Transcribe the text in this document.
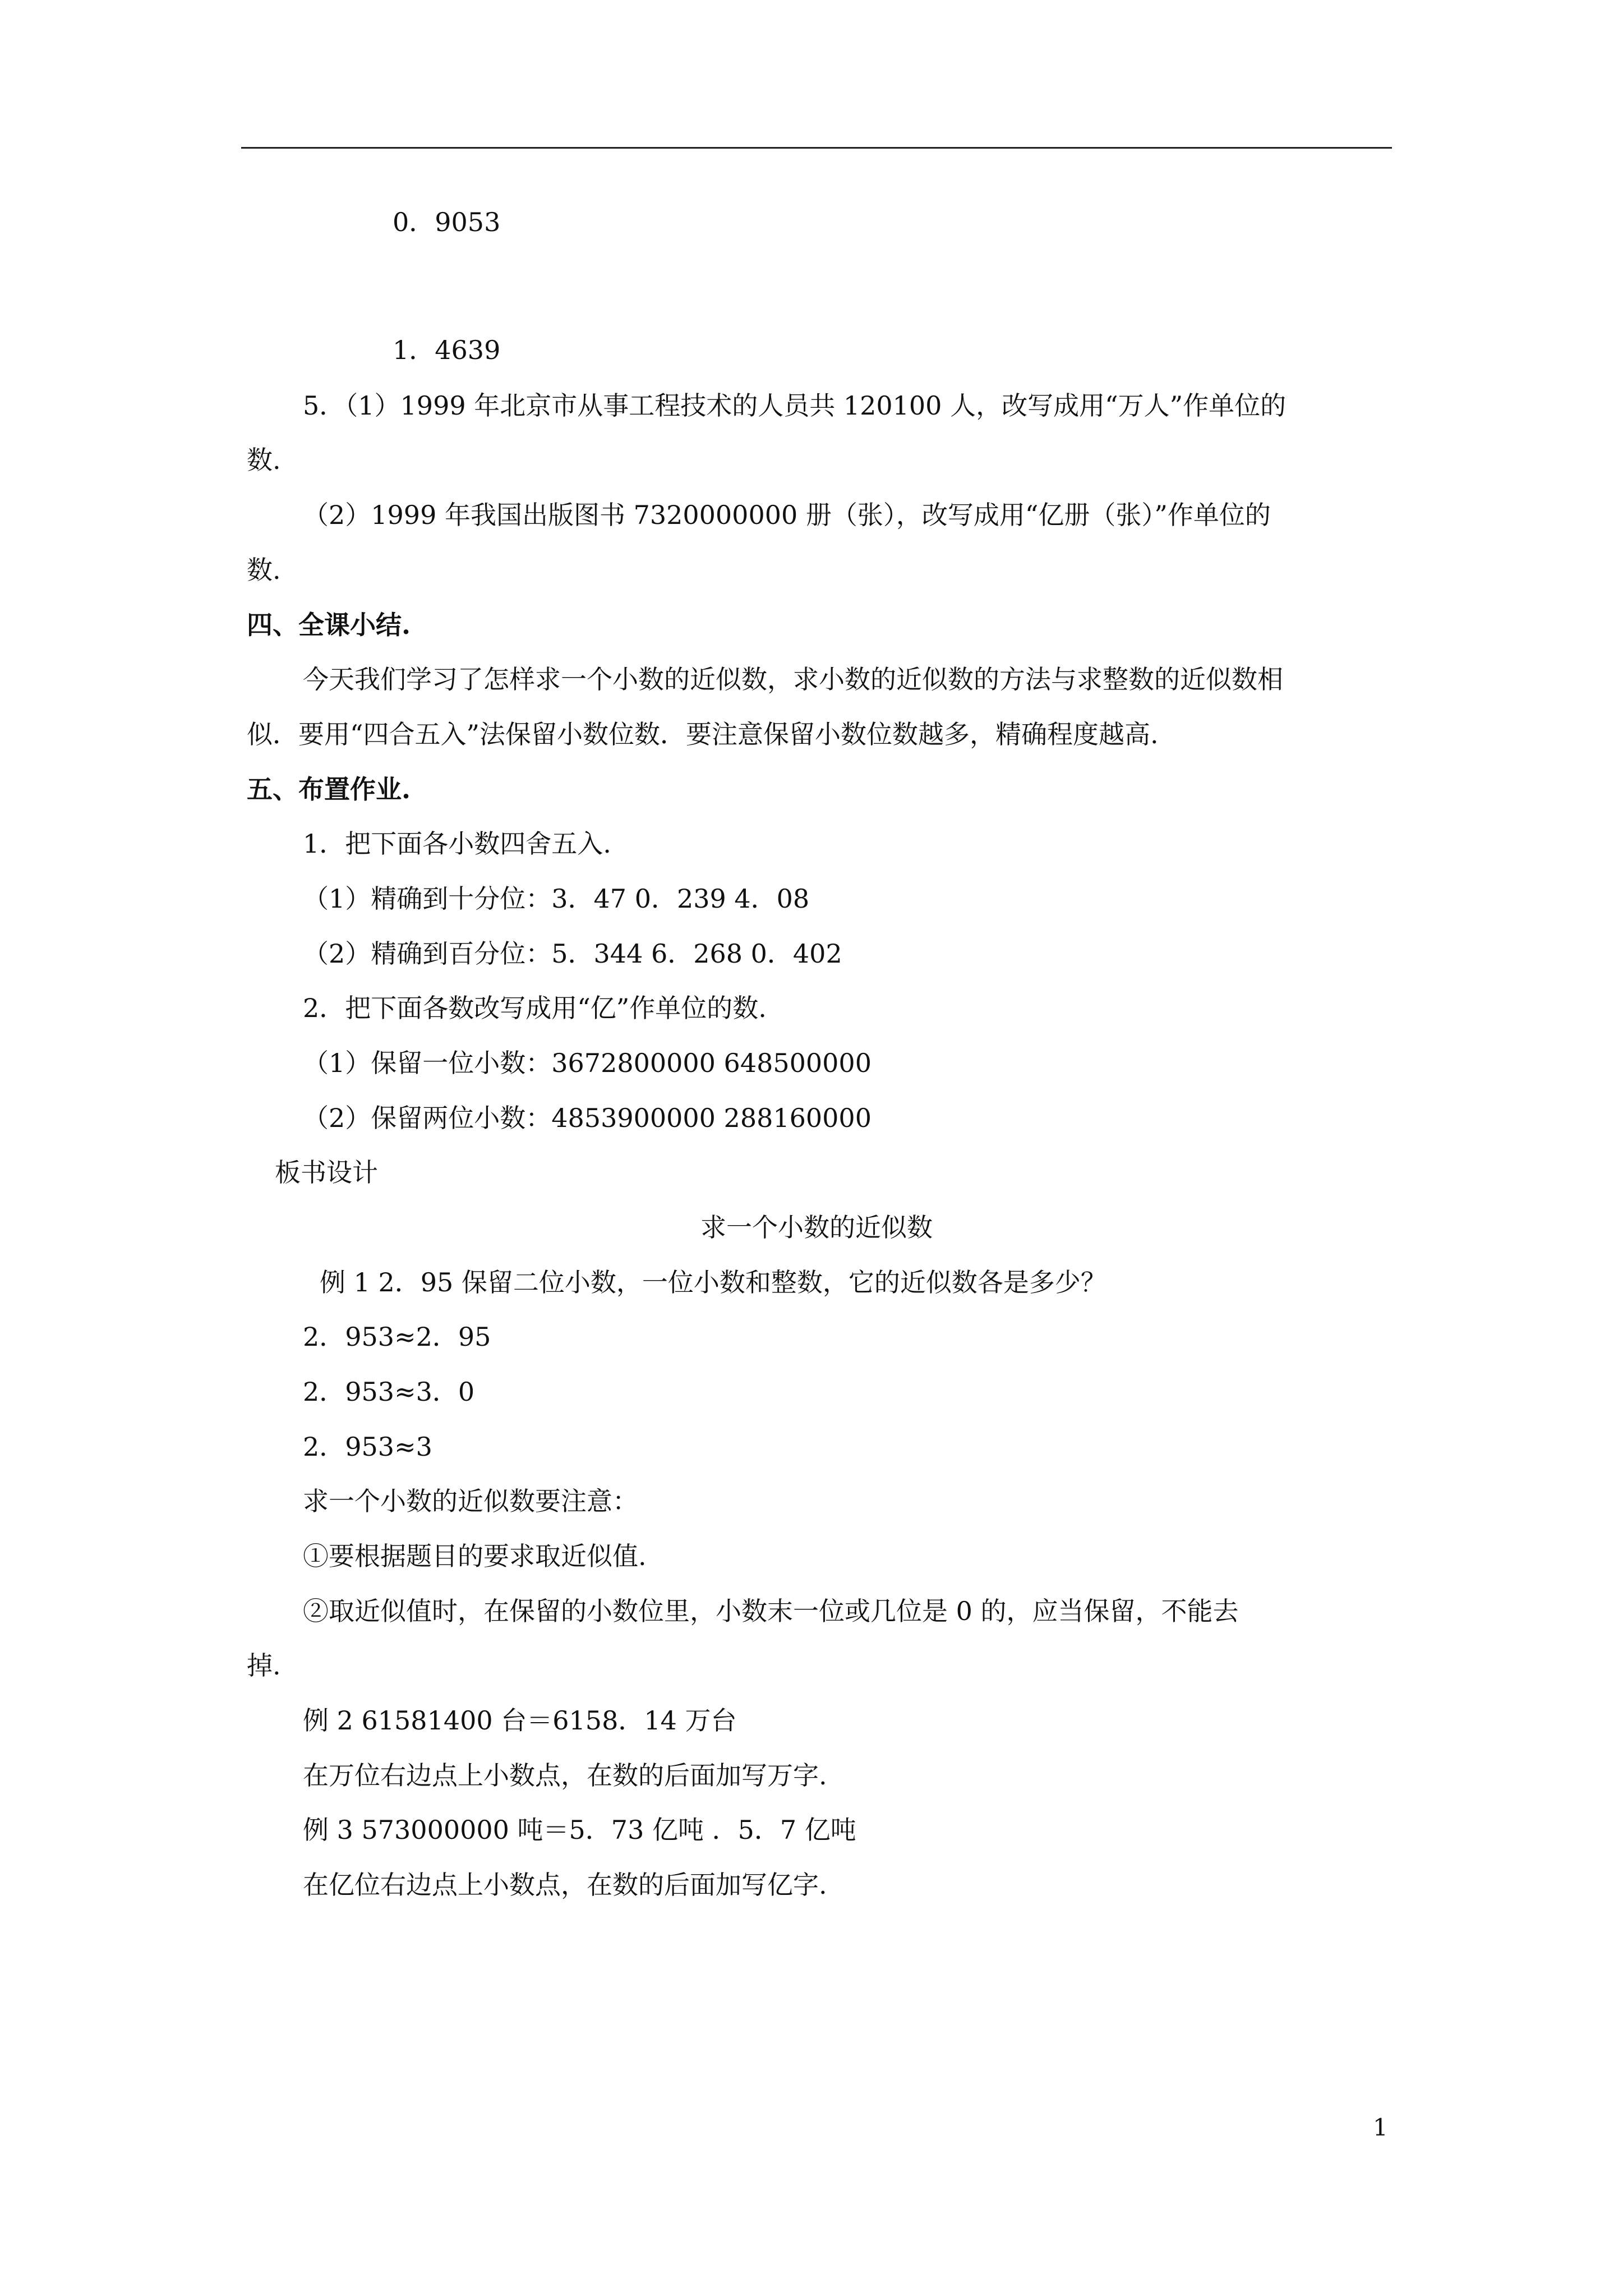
0．9053
1．4639
5．（1）1999 年北京市从事工程技术的人员共 120100 人，改写成用“万人”作单位的
数.
（2）1999 年我国出版图书 7320000000 册（张），改写成用“亿册（张）”作单位的
数.
四、全课小结.
今天我们学习了怎样求一个小数的近似数，求小数的近似数的方法与求整数的近似数相
似．要用“四合五入”法保留小数位数．要注意保留小数位数越多，精确程度越高.
五、布置作业.
1．把下面各小数四舍五入.
（1）精确到十分位：3．47 0．239 4．08
（2）精确到百分位：5．344 6．268 0．402
2．把下面各数改写成用“亿”作单位的数.
（1）保留一位小数：3672800000 648500000
（2）保留两位小数：4853900000 288160000
板书设计
求一个小数的近似数
例 1 2．95 保留二位小数，一位小数和整数，它的近似数各是多少？
2．953≈2．95
2．953≈3．0
2．953≈3
求一个小数的近似数要注意：
①要根据题目的要求取近似值.
②取近似值时，在保留的小数位里，小数末一位或几位是 0 的，应当保留，不能去
掉.
例 2 61581400 台＝6158．14 万台
在万位右边点上小数点，在数的后面加写万字.
例 3 573000000 吨＝5．73 亿吨 ．5．7 亿吨
在亿位右边点上小数点，在数的后面加写亿字.
1
